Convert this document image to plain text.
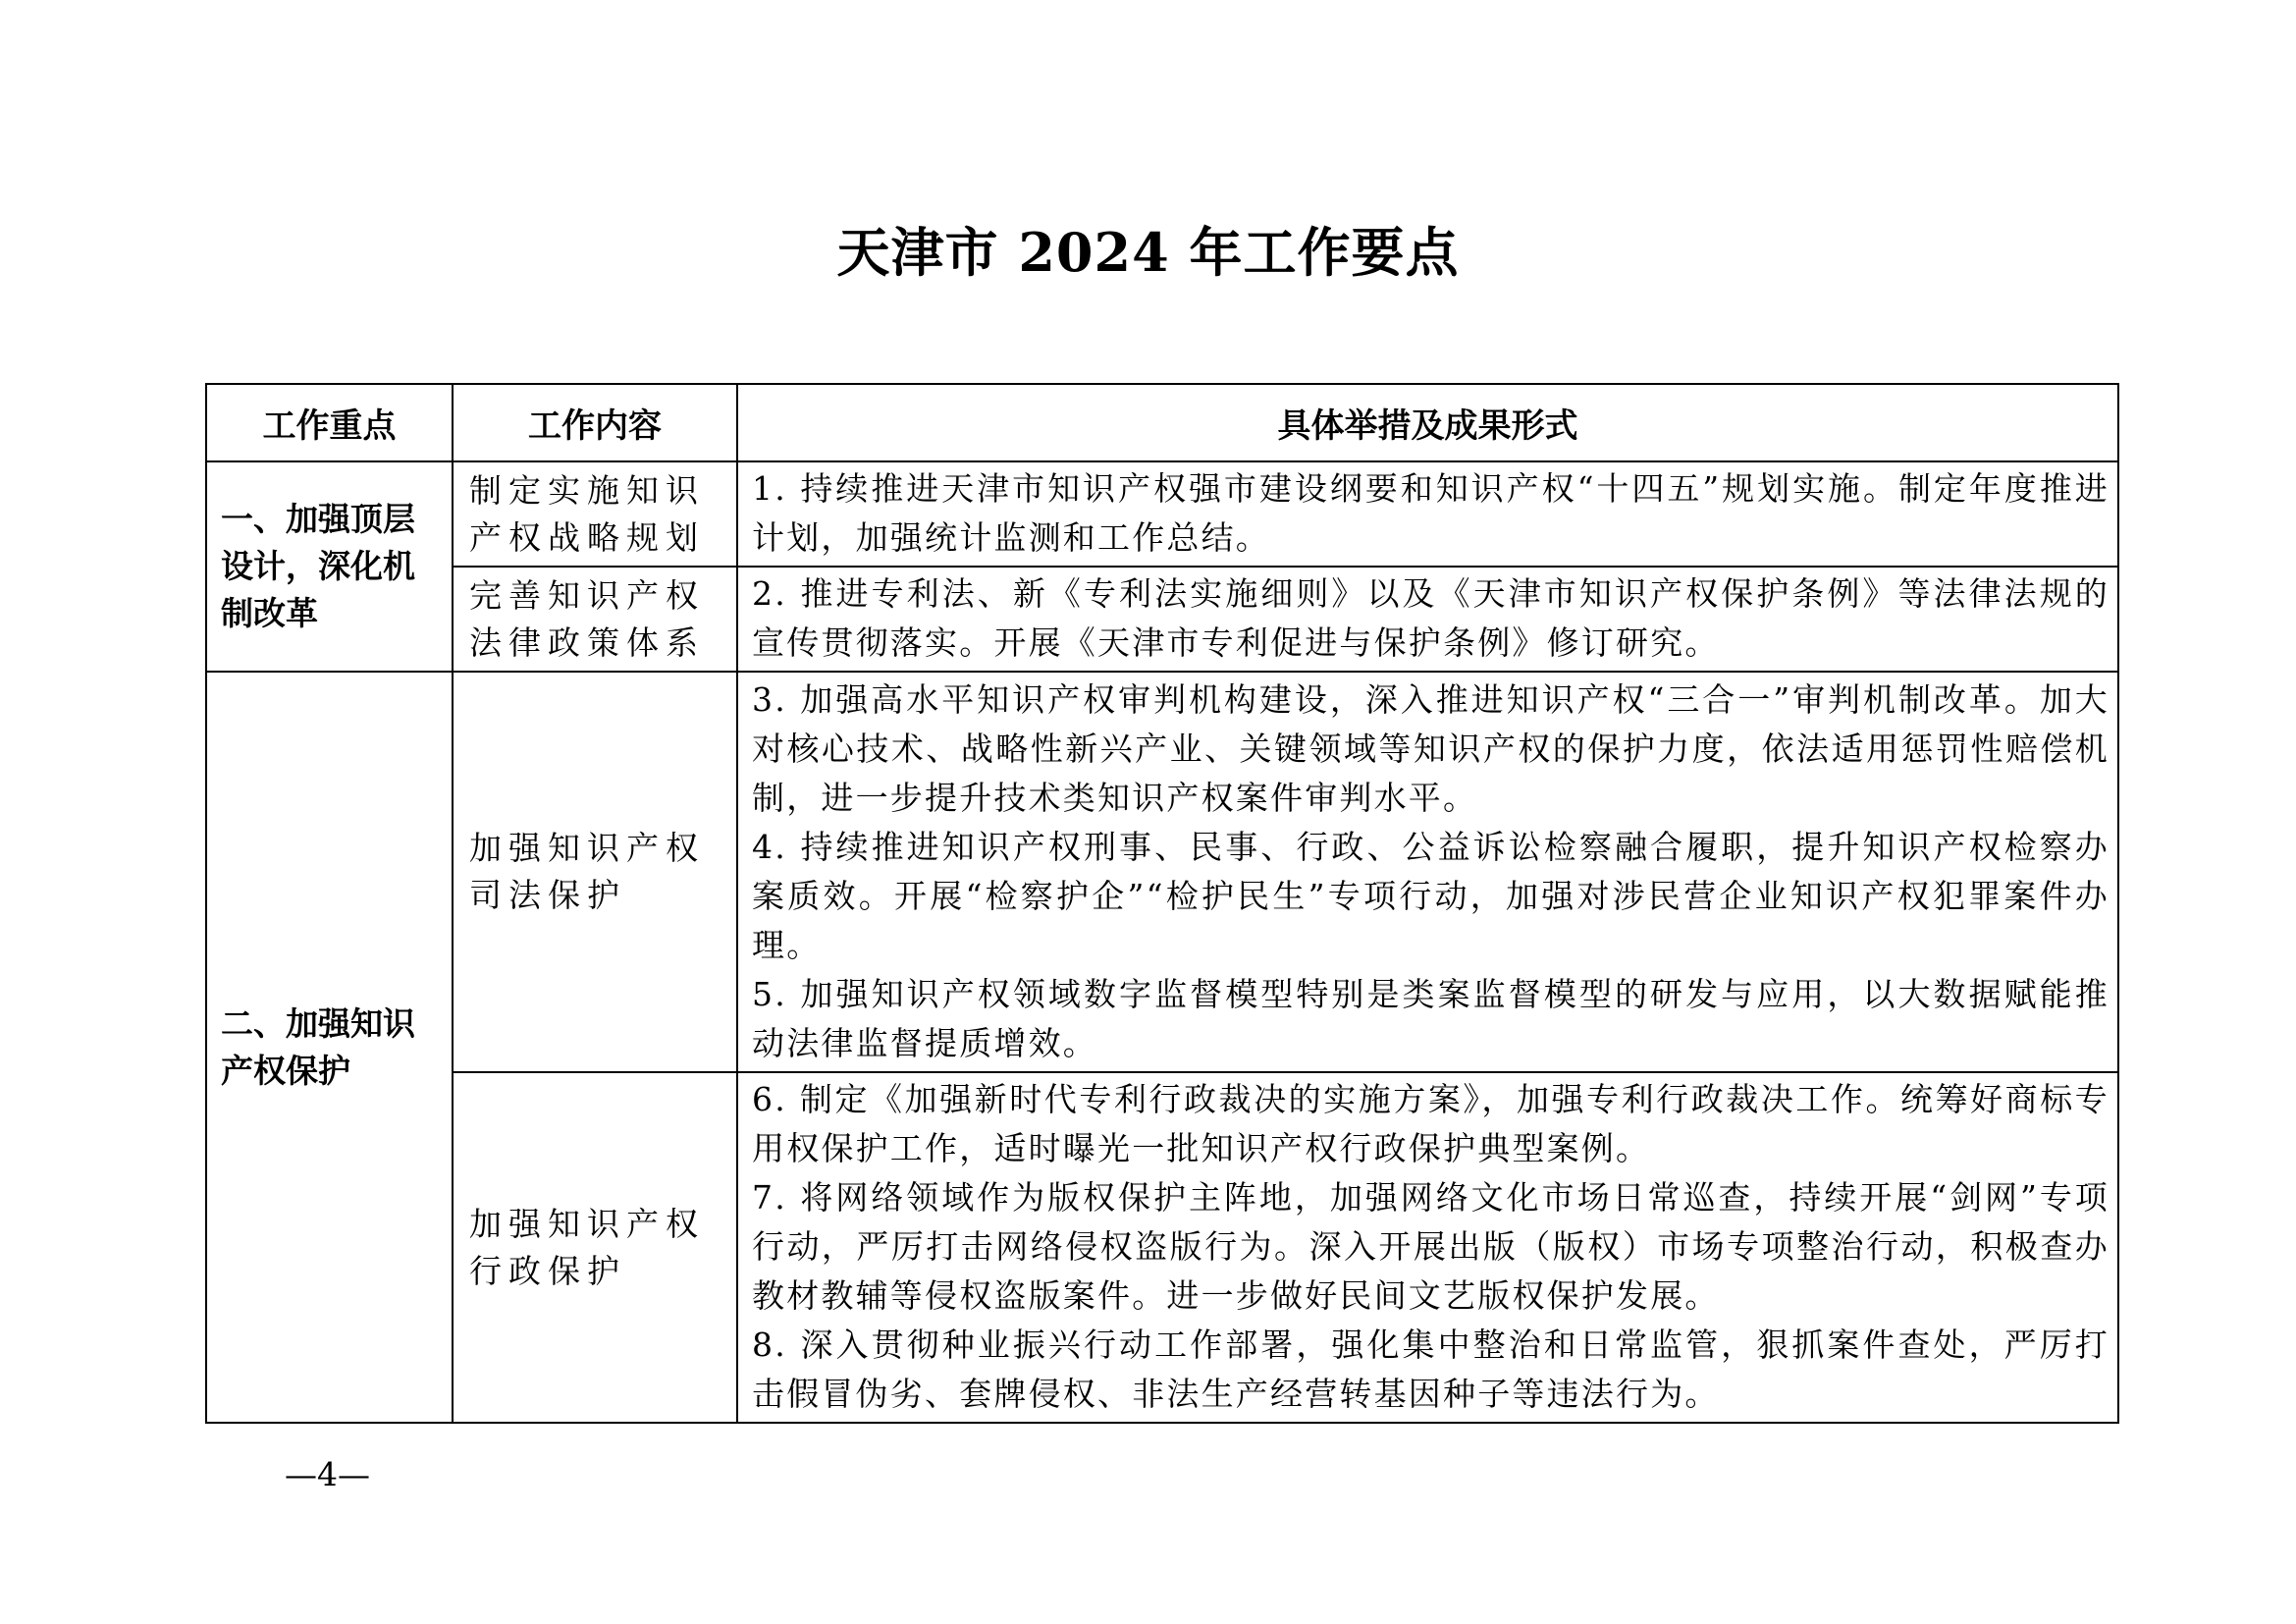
天津市 2024 年工作要点
工作重点	工作内容	具体举措及成果形式
一、加强顶层设计，深化机制改革	制定实施知识产权战略规划	1. 持续推进天津市知识产权强市建设纲要和知识产权“十四五”规划实施。制定年度推进计划，加强统计监测和工作总结。

	完善知识产权法律政策体系	2. 推进专利法、新《专利法实施细则》以及《天津市知识产权保护条例》等法律法规的宣传贯彻落实。开展《天津市专利促进与保护条例》修订研究。

二、加强知识产权保护	加强知识产权司法保护	3. 加强高水平知识产权审判机构建设，深入推进知识产权“三合一”审判机制改革。加大对核心技术、战略性新兴产业、关键领域等知识产权的保护力度，依法适用惩罚性赔偿机制，进一步提升技术类知识产权案件审判水平。

4. 持续推进知识产权刑事、民事、行政、公益诉讼检察融合履职，提升知识产权检察办案质效。开展“检察护企”“检护民生”专项行动，加强对涉民营企业知识产权犯罪案件办理。

5. 加强知识产权领域数字监督模型特别是类案监督模型的研发与应用，以大数据赋能推动法律监督提质增效。

	加强知识产权行政保护	6. 制定《加强新时代专利行政裁决的实施方案》，加强专利行政裁决工作。统筹好商标专用权保护工作，适时曝光一批知识产权行政保护典型案例。

7. 将网络领域作为版权保护主阵地，加强网络文化市场日常巡查，持续开展“剑网”专项行动，严厉打击网络侵权盗版行为。深入开展出版（版权）市场专项整治行动，积极查办教材教辅等侵权盗版案件。进一步做好民间文艺版权保护发展。

8. 深入贯彻种业振兴行动工作部署，强化集中整治和日常监管，狠抓案件查处，严厉打击假冒伪劣、套牌侵权、非法生产经营转基因种子等违法行为。

—4—
